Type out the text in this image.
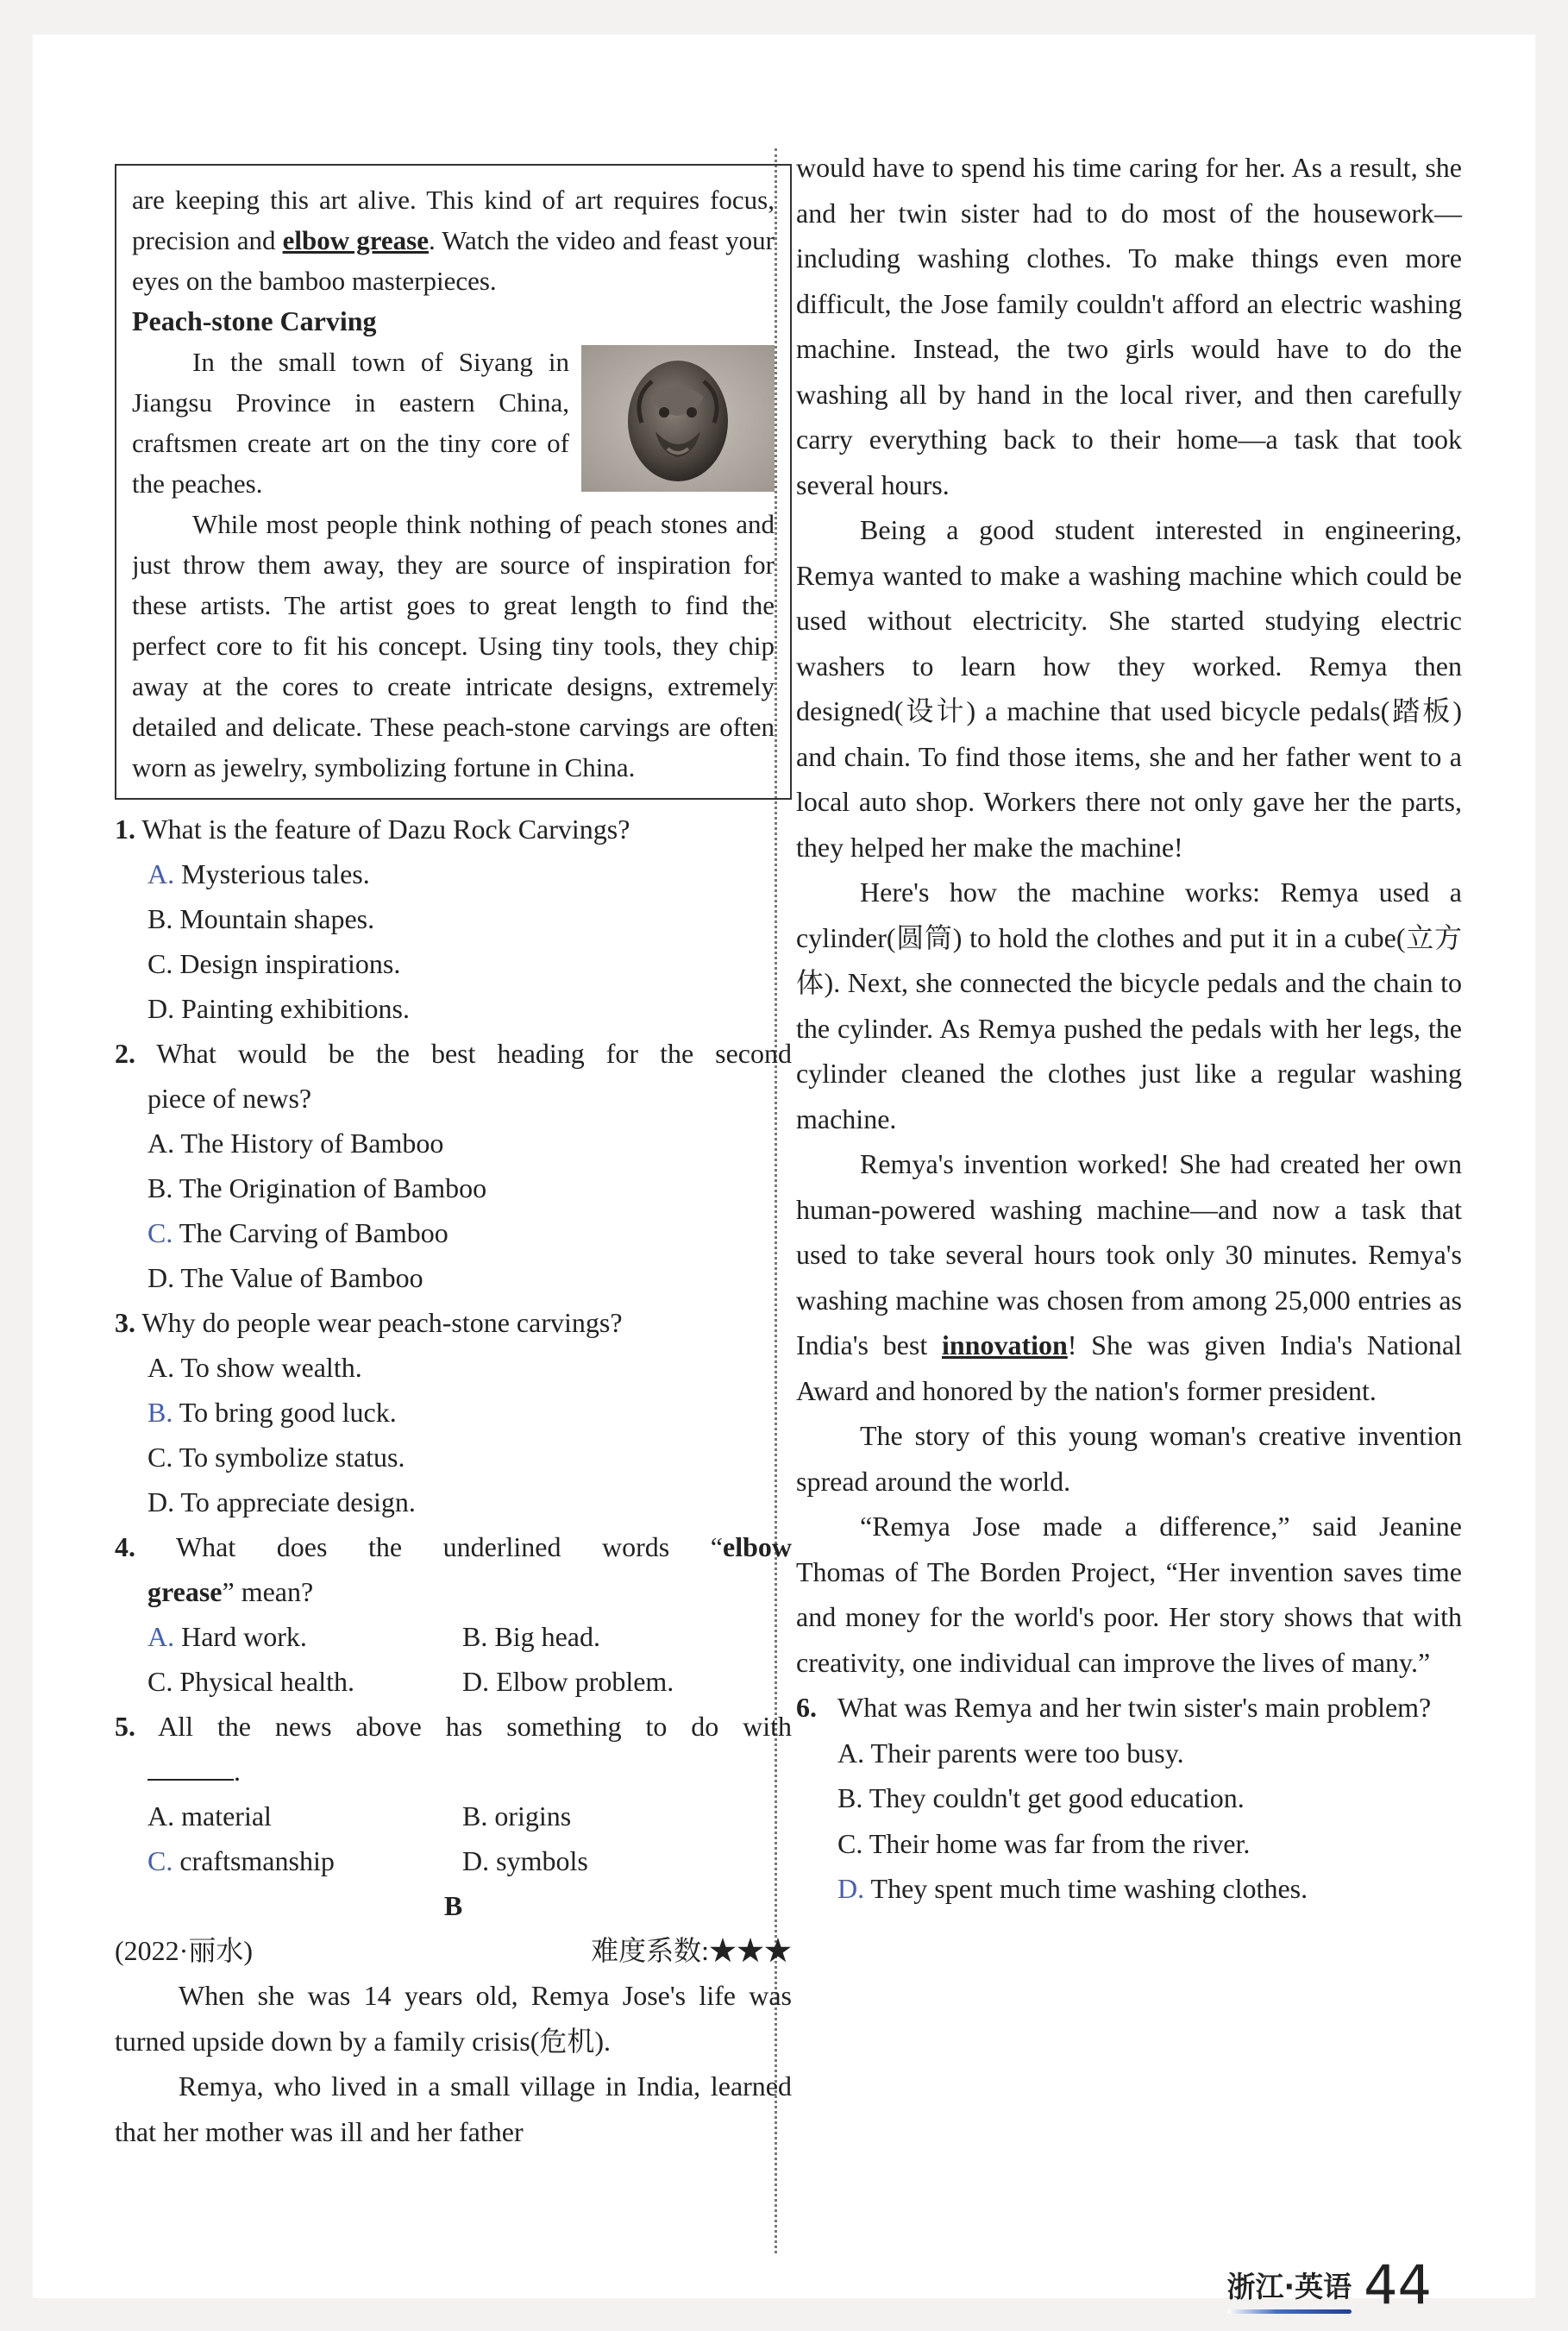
are keeping this art alive. This kind of art requires focus, precision and elbow grease. Watch the video and feast your eyes on the bamboo masterpieces.

Peach-stone Carving

In the small town of Siyang in Jiangsu Province in eastern China, craftsmen create art on the tiny core of the peaches.

While most people think nothing of peach stones and just throw them away, they are source of inspiration for these artists. The artist goes to great length to find the perfect core to fit his concept. Using tiny tools, they chip away at the cores to create intricate designs, extremely detailed and delicate. These peach-stone carvings are often worn as jewelry, symbolizing fortune in China.

1. What is the feature of Dazu Rock Carvings?

A. Mysterious tales.
B. Mountain shapes.
C. Design inspirations.
D. Painting exhibitions.

2. What would be the best heading for the second

piece of news?
A. The History of Bamboo
B. The Origination of Bamboo
C. The Carving of Bamboo
D. The Value of Bamboo

3. Why do people wear peach-stone carvings?

A. To show wealth.
B. To bring good luck.
C. To symbolize status.
D. To appreciate design.

4. What does the underlined words “elbow

grease” mean?
A. Hard work.	B. Big head.
C. Physical health.	D. Elbow problem.

5. All the news above has something to do with

.
A. material	B. origins
C. craftsmanship	D. symbols
B
(2022·丽水)	难度系数:★★★

When she was 14 years old, Remya Jose's life was turned upside down by a family crisis(危机).

Remya, who lived in a small village in India, learned that her mother was ill and her father

would have to spend his time caring for her. As a result, she and her twin sister had to do most of the housework—including washing clothes. To make things even more difficult, the Jose family couldn't afford an electric washing machine. Instead, the two girls would have to do the washing all by hand in the local river, and then carefully carry everything back to their home—a task that took several hours.

Being a good student interested in engineering, Remya wanted to make a washing machine which could be used without electricity. She started studying electric washers to learn how they worked. Remya then designed(设计) a machine that used bicycle pedals(踏板) and chain. To find those items, she and her father went to a local auto shop. Workers there not only gave her the parts, they helped her make the machine!

Here's how the machine works: Remya used a cylinder(圆筒) to hold the clothes and put it in a cube(立方体). Next, she connected the bicycle pedals and the chain to the cylinder. As Remya pushed the pedals with her legs, the cylinder cleaned the clothes just like a regular washing machine.

Remya's invention worked! She had created her own human-powered washing machine—and now a task that used to take several hours took only 30 minutes. Remya's washing machine was chosen from among 25,000 entries as India's best innovation! She was given India's National Award and honored by the nation's former president.

The story of this young woman's creative invention spread around the world.

“Remya Jose made a difference,” said Jeanine Thomas of The Borden Project, “Her invention saves time and money for the world's poor. Her story shows that with creativity, one individual can improve the lives of many.”

6. What was Remya and her twin sister's main problem?

A. Their parents were too busy.
B. They couldn't get good education.
C. Their home was far from the river.
D. They spent much time washing clothes.
浙江·英语 44
